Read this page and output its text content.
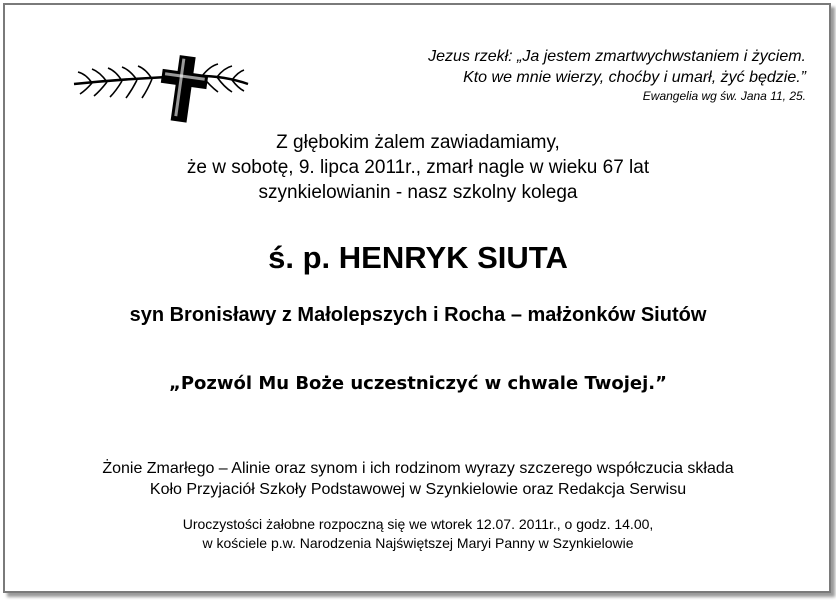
Jezus rzekł: „Ja jestem zmartwychwstaniem i życiem.
Kto we mnie wierzy, choćby i umarł, żyć będzie.”
Ewangelia wg św. Jana 11, 25.
Z głębokim żalem zawiadamiamy,
że w sobotę, 9. lipca 2011r., zmarł nagle w wieku 67 lat
szynkielowianin - nasz szkolny kolega
ś. p. HENRYK SIUTA
syn Bronisławy z Małolepszych i Rocha – małżonków Siutów
„Pozwól Mu Boże uczestniczyć w chwale Twojej.”
Żonie Zmarłego – Alinie oraz synom i ich rodzinom wyrazy szczerego współczucia składa
Koło Przyjaciół Szkoły Podstawowej w Szynkielowie oraz Redakcja Serwisu
Uroczystości żałobne rozpoczną się we wtorek 12.07. 2011r., o godz. 14.00,
w kościele p.w. Narodzenia Najświętszej Maryi Panny w Szynkielowie
